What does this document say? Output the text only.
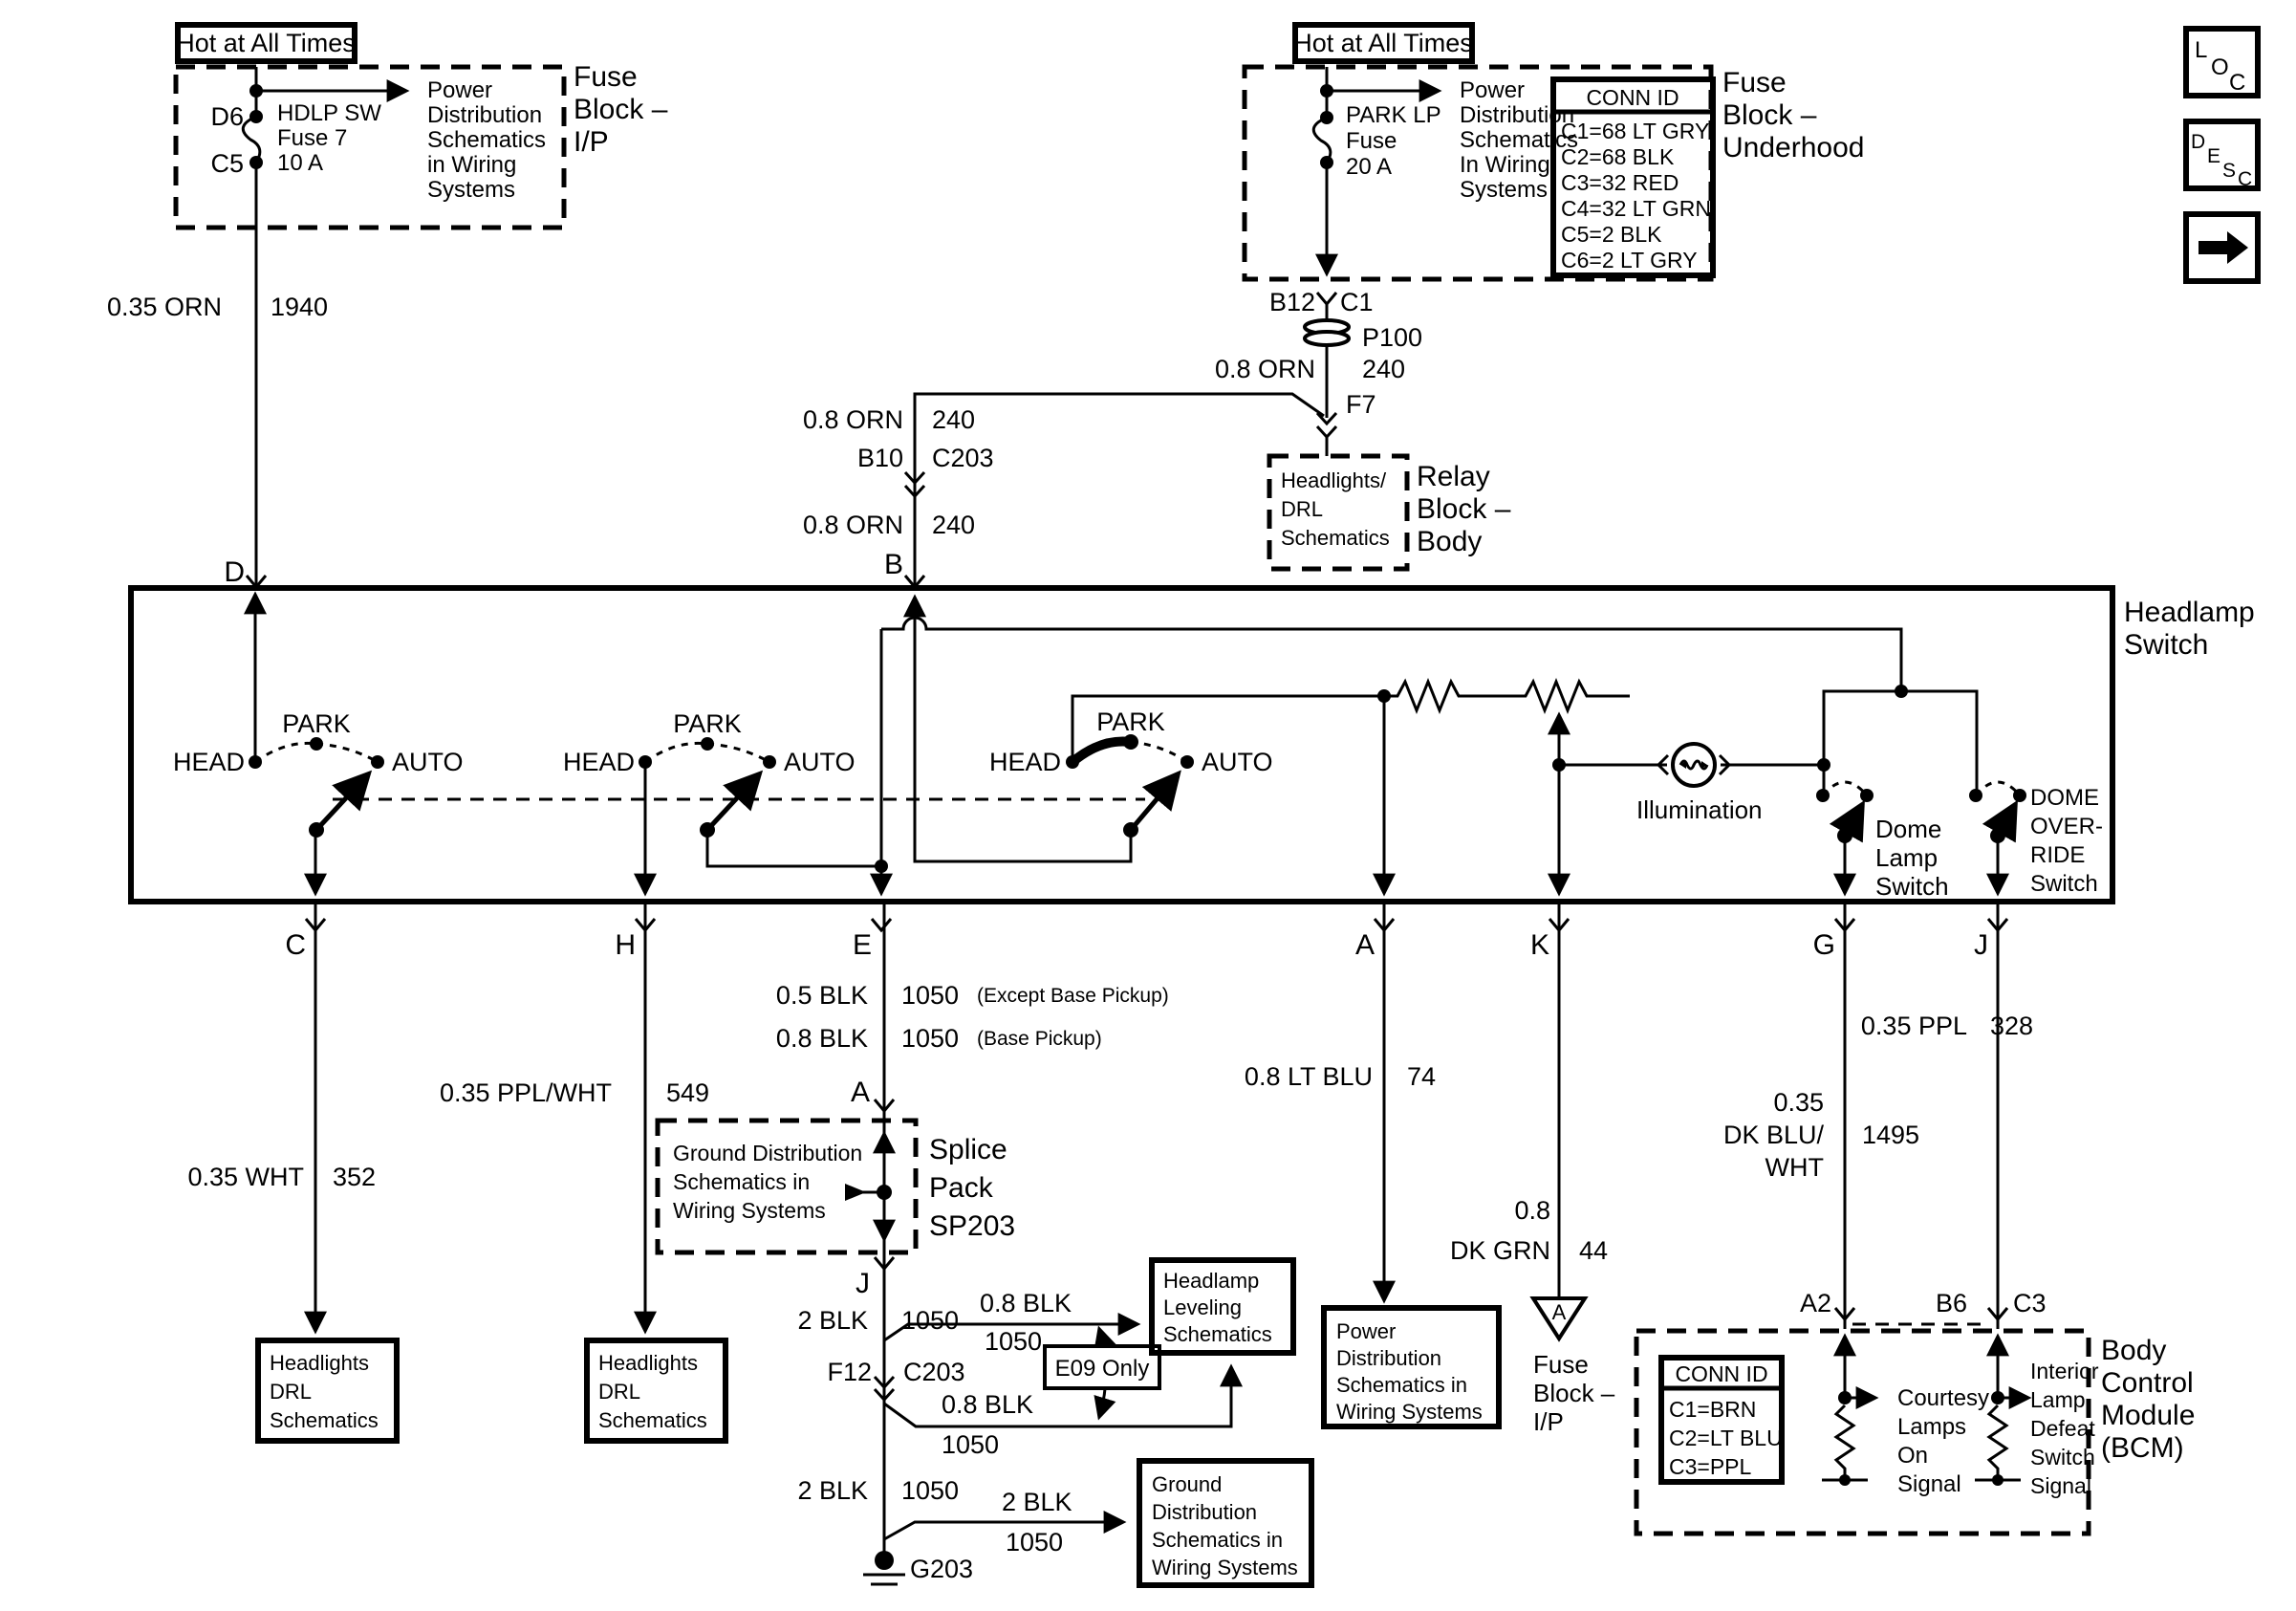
Hot at All Times
D6
C5
HDLP SW
Fuse 7
10 A
Power
Distribution
Schematics
in Wiring
Systems
Fuse
Block –
I/P
0.35 ORN 1940
D
Hot at All Times
PARK LP
Fuse
20 A
Power
Distribution
Schematics
In Wiring
Systems
CONN ID
C1=68 LT GRY
C2=68 BLK
C3=32 RED
C4=32 LT GRN
C5=2 BLK
C6=2 LT GRY
Fuse
Block –
Underhood
B12 C1
P100
0.8 ORN 240
F7
Headlights/
DRL
Schematics
Relay
Block –
Body
0.8 ORN 240
B10 C203
0.8 ORN 240
B
Headlamp
Switch
HEAD
PARK
AUTO	HEAD
PARK
AUTO	HEAD
PARK
AUTO
Illumination
Dome
Lamp
Switch
DOME
OVER-
RIDE
Switch
C	H	E	A	K	G	J
0.35 WHT 352
Headlights
DRL
Schematics
0.35 PPL/WHT 549
Headlights
DRL
Schematics
0.5 BLK 1050 (Except Base Pickup)
0.8 BLK 1050 (Base Pickup)
A
Ground Distribution
Schematics in
Wiring Systems
Splice
Pack
SP203
J
2 BLK 1050
0.8 BLK
1050
F12 C203
0.8 BLK
1050
E09 Only
Headlamp
Leveling
Schematics
2 BLK 1050 2 BLK
1050
Ground
Distribution
Schematics in
Wiring Systems
G203
0.8 LT BLU 74
Power
Distribution
Schematics in
Wiring Systems
0.8
DK GRN 44
A
Fuse
Block –
I/P
0.35
DK BLU/
WHT
1495
A2
0.35 PPL 328
B6 C3
CONN ID
C1=BRN
C2=LT BLU
C3=PPL
Courtesy
Lamps
On
Signal
Interior
Lamp
Defeat
Switch
Signal
Body
Control
Module
(BCM)
L
O
C
D
E
S C
